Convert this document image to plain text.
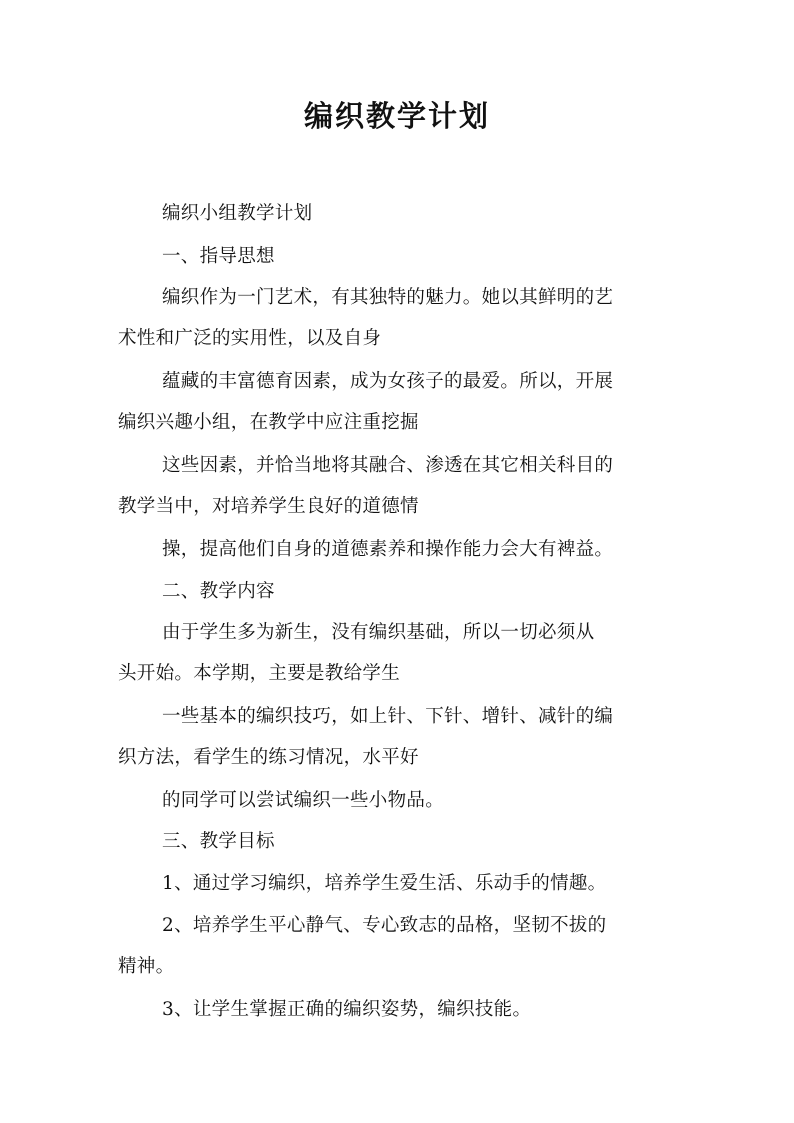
编织教学计划
编织小组教学计划
一、指导思想
编织作为一门艺术，有其独特的魅力。她以其鲜明的艺
术性和广泛的实用性，以及自身
蕴藏的丰富德育因素，成为女孩子的最爱。所以，开展
编织兴趣小组，在教学中应注重挖掘
这些因素，并恰当地将其融合、渗透在其它相关科目的
教学当中，对培养学生良好的道德情
操，提高他们自身的道德素养和操作能力会大有裨益。
二、教学内容
由于学生多为新生，没有编织基础，所以一切必须从
头开始。本学期，主要是教给学生
一些基本的编织技巧，如上针、下针、增针、减针的编
织方法，看学生的练习情况，水平好
的同学可以尝试编织一些小物品。
三、教学目标
1、通过学习编织，培养学生爱生活、乐动手的情趣。
2、培养学生平心静气、专心致志的品格，坚韧不拔的
精神。
3、让学生掌握正确的编织姿势，编织技能。
